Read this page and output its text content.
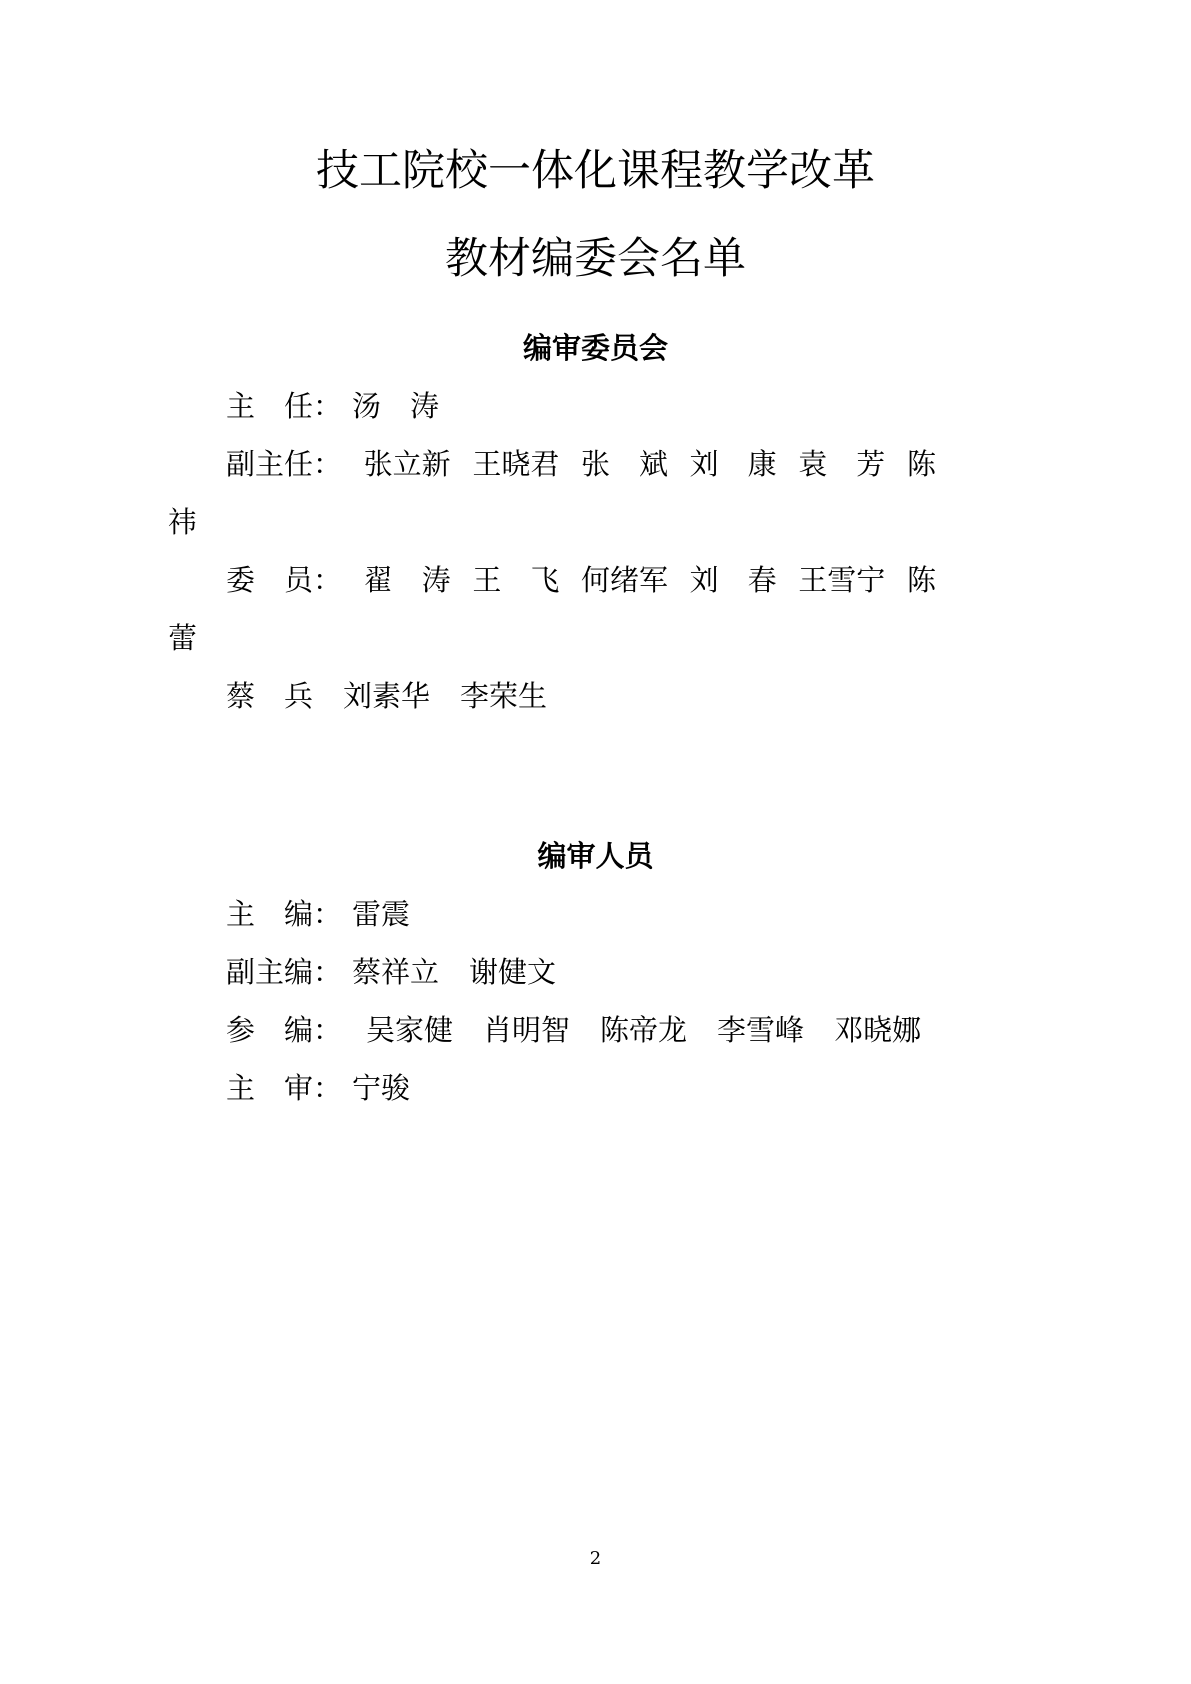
技工院校一体化课程教学改革
教材编委会名单
编审委员会
主　任： 汤　涛
副主任： 张立新 王晓君 张　斌 刘　康 袁　芳 陈
祎
委　员： 翟　涛 王　飞 何绪军 刘　春 王雪宁 陈
蕾
蔡　兵 刘素华 李荣生
编审人员
主　编： 雷震
副主编： 蔡祥立 谢健文
参　编： 吴家健 肖明智 陈帝龙 李雪峰 邓晓娜
主　审： 宁骏
2
